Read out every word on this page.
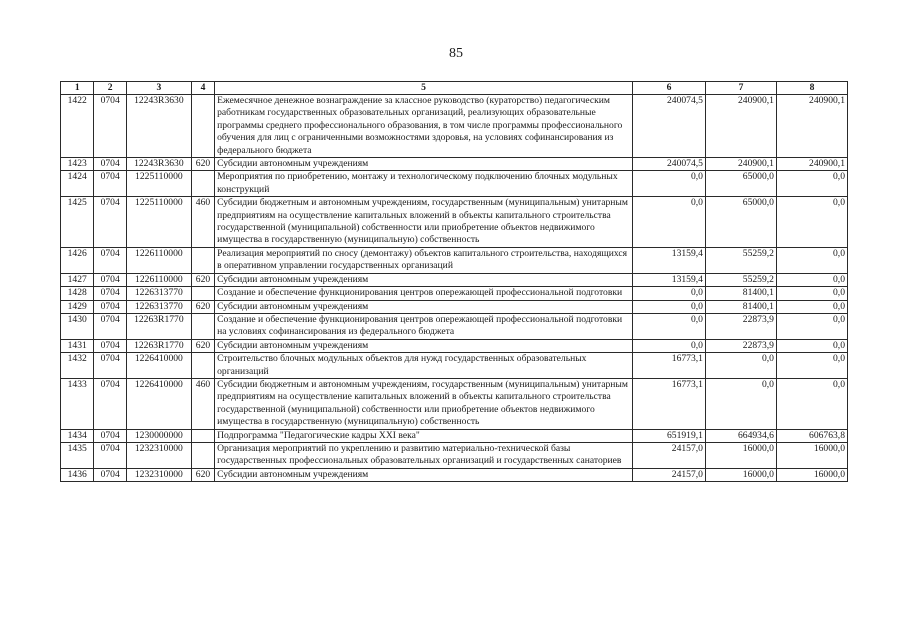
85
1	2	3	4	5	6	7	8
1422	0704	12243R3630		Ежемесячное денежное вознаграждение за классное руководство (кураторство) педагогическим работникам государственных образовательных организаций, реализующих образовательные программы среднего профессионального образования, в том числе программы профессионального обучения для лиц с ограниченными возможностями здоровья, на условиях софинансирования из федерального бюджета	240074,5	240900,1	240900,1
1423	0704	12243R3630	620	Субсидии автономным учреждениям	240074,5	240900,1	240900,1
1424	0704	1225110000		Мероприятия по приобретению, монтажу и технологическому подключению блочных модульных конструкций	0,0	65000,0	0,0
1425	0704	1225110000	460	Субсидии бюджетным и автономным учреждениям, государственным (муниципальным) унитарным предприятиям на осуществление капитальных вложений в объекты капитального строительства государственной (муниципальной) собственности или приобретение объектов недвижимого имущества в государственную (муниципальную) собственность	0,0	65000,0	0,0
1426	0704	1226110000		Реализация мероприятий по сносу (демонтажу) объектов капитального строительства, находящихся в оперативном управлении государственных организаций	13159,4	55259,2	0,0
1427	0704	1226110000	620	Субсидии автономным учреждениям	13159,4	55259,2	0,0
1428	0704	1226313770		Создание и обеспечение функционирования центров опережающей профессиональной подготовки	0,0	81400,1	0,0
1429	0704	1226313770	620	Субсидии автономным учреждениям	0,0	81400,1	0,0
1430	0704	12263R1770		Создание и обеспечение функционирования центров опережающей профессиональной подготовки на условиях софинансирования из федерального бюджета	0,0	22873,9	0,0
1431	0704	12263R1770	620	Субсидии автономным учреждениям	0,0	22873,9	0,0
1432	0704	1226410000		Строительство блочных модульных объектов для нужд государственных образовательных организаций	16773,1	0,0	0,0
1433	0704	1226410000	460	Субсидии бюджетным и автономным учреждениям, государственным (муниципальным) унитарным предприятиям на осуществление капитальных вложений в объекты капитального строительства государственной (муниципальной) собственности или приобретение объектов недвижимого имущества в государственную (муниципальную) собственность	16773,1	0,0	0,0
1434	0704	1230000000		Подпрограмма "Педагогические кадры XXI века"	651919,1	664934,6	606763,8
1435	0704	1232310000		Организация мероприятий по укреплению и развитию материально-технической базы государственных профессиональных образовательных организаций и государственных санаториев	24157,0	16000,0	16000,0
1436	0704	1232310000	620	Субсидии автономным учреждениям	24157,0	16000,0	16000,0
